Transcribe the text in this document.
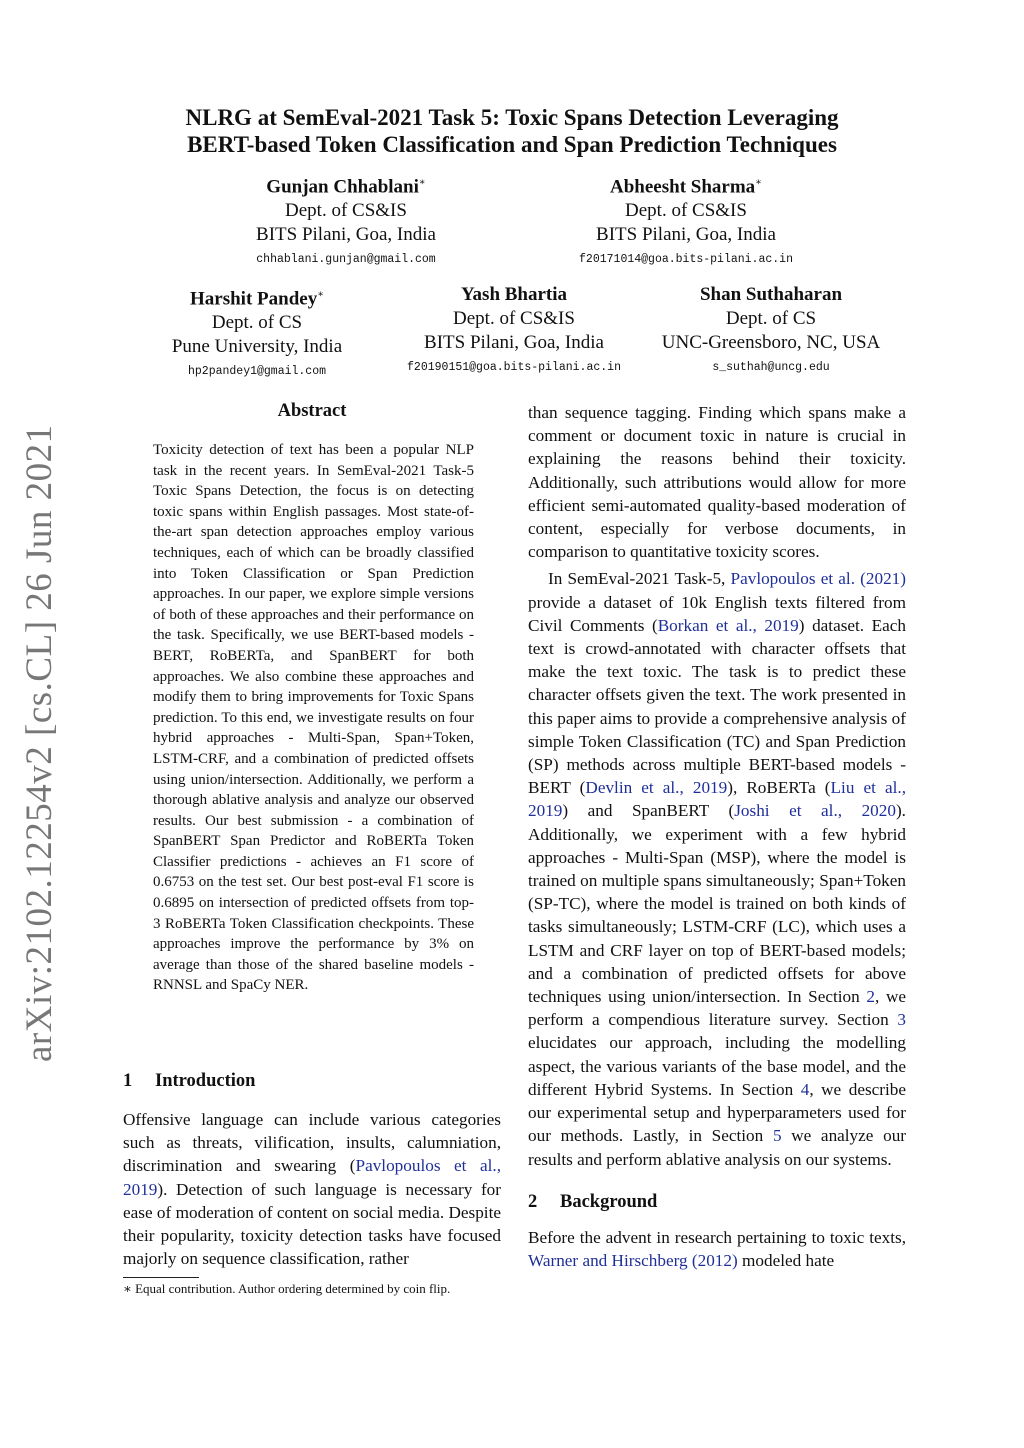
arXiv:2102.12254v2 [cs.CL] 26 Jun 2021
NLRG at SemEval-2021 Task 5: Toxic Spans Detection Leveraging
BERT-based Token Classification and Span Prediction Techniques
Gunjan Chhablani∗
Dept. of CS&IS
BITS Pilani, Goa, India
chhablani.gunjan@gmail.com
Abheesht Sharma∗
Dept. of CS&IS
BITS Pilani, Goa, India
f20171014@goa.bits-pilani.ac.in
Harshit Pandey∗
Dept. of CS
Pune University, India
hp2pandey1@gmail.com
Yash Bhartia
Dept. of CS&IS
BITS Pilani, Goa, India
f20190151@goa.bits-pilani.ac.in
Shan Suthaharan
Dept. of CS
UNC-Greensboro, NC, USA
s_suthah@uncg.edu
Abstract
Toxicity detection of text has been a popular NLP task in the recent years. In SemEval-2021 Task-5 Toxic Spans Detection, the focus is on detecting toxic spans within English passages. Most state-of-the-art span detection approaches employ various techniques, each of which can be broadly classified into Token Classification or Span Prediction approaches. In our paper, we explore simple versions of both of these approaches and their performance on the task. Specifically, we use BERT-based models - BERT, RoBERTa, and SpanBERT for both approaches. We also combine these approaches and modify them to bring improvements for Toxic Spans prediction. To this end, we investigate results on four hybrid approaches - Multi-Span, Span+Token, LSTM-CRF, and a combination of predicted offsets using union/intersection. Additionally, we perform a thorough ablative analysis and analyze our observed results. Our best submission - a combination of SpanBERT Span Predictor and RoBERTa Token Classifier predictions - achieves an F1 score of 0.6753 on the test set. Our best post-eval F1 score is 0.6895 on intersection of predicted offsets from top-3 RoBERTa Token Classification checkpoints. These approaches improve the performance by 3% on average than those of the shared baseline models - RNNSL and SpaCy NER.
1 Introduction

Offensive language can include various categories such as threats, vilification, insults, calumniation, discrimination and swearing (Pavlopoulos et al., 2019). Detection of such language is necessary for ease of moderation of content on social media. Despite their popularity, toxicity detection tasks have focused majorly on sequence classification, rather

∗ Equal contribution. Author ordering determined by coin flip.

than sequence tagging. Finding which spans make a comment or document toxic in nature is crucial in explaining the reasons behind their toxicity. Additionally, such attributions would allow for more efficient semi-automated quality-based moderation of content, especially for verbose documents, in comparison to quantitative toxicity scores.

In SemEval-2021 Task-5, Pavlopoulos et al. (2021) provide a dataset of 10k English texts filtered from Civil Comments (Borkan et al., 2019) dataset. Each text is crowd-annotated with character offsets that make the text toxic. The task is to predict these character offsets given the text. The work presented in this paper aims to provide a comprehensive analysis of simple Token Classification (TC) and Span Prediction (SP) methods across multiple BERT-based models - BERT (Devlin et al., 2019), RoBERTa (Liu et al., 2019) and SpanBERT (Joshi et al., 2020). Additionally, we experiment with a few hybrid approaches - Multi-Span (MSP), where the model is trained on multiple spans simultaneously; Span+Token (SP-TC), where the model is trained on both kinds of tasks simultaneously; LSTM-CRF (LC), which uses a LSTM and CRF layer on top of BERT-based models; and a combination of predicted offsets for above techniques using union/intersection. In Section 2, we perform a compendious literature survey. Section 3 elucidates our approach, including the modelling aspect, the various variants of the base model, and the different Hybrid Systems. In Section 4, we describe our experimental setup and hyperparameters used for our methods. Lastly, in Section 5 we analyze our results and perform ablative analysis on our systems.

2 Background

Before the advent in research pertaining to toxic texts, Warner and Hirschberg (2012) modeled hate
